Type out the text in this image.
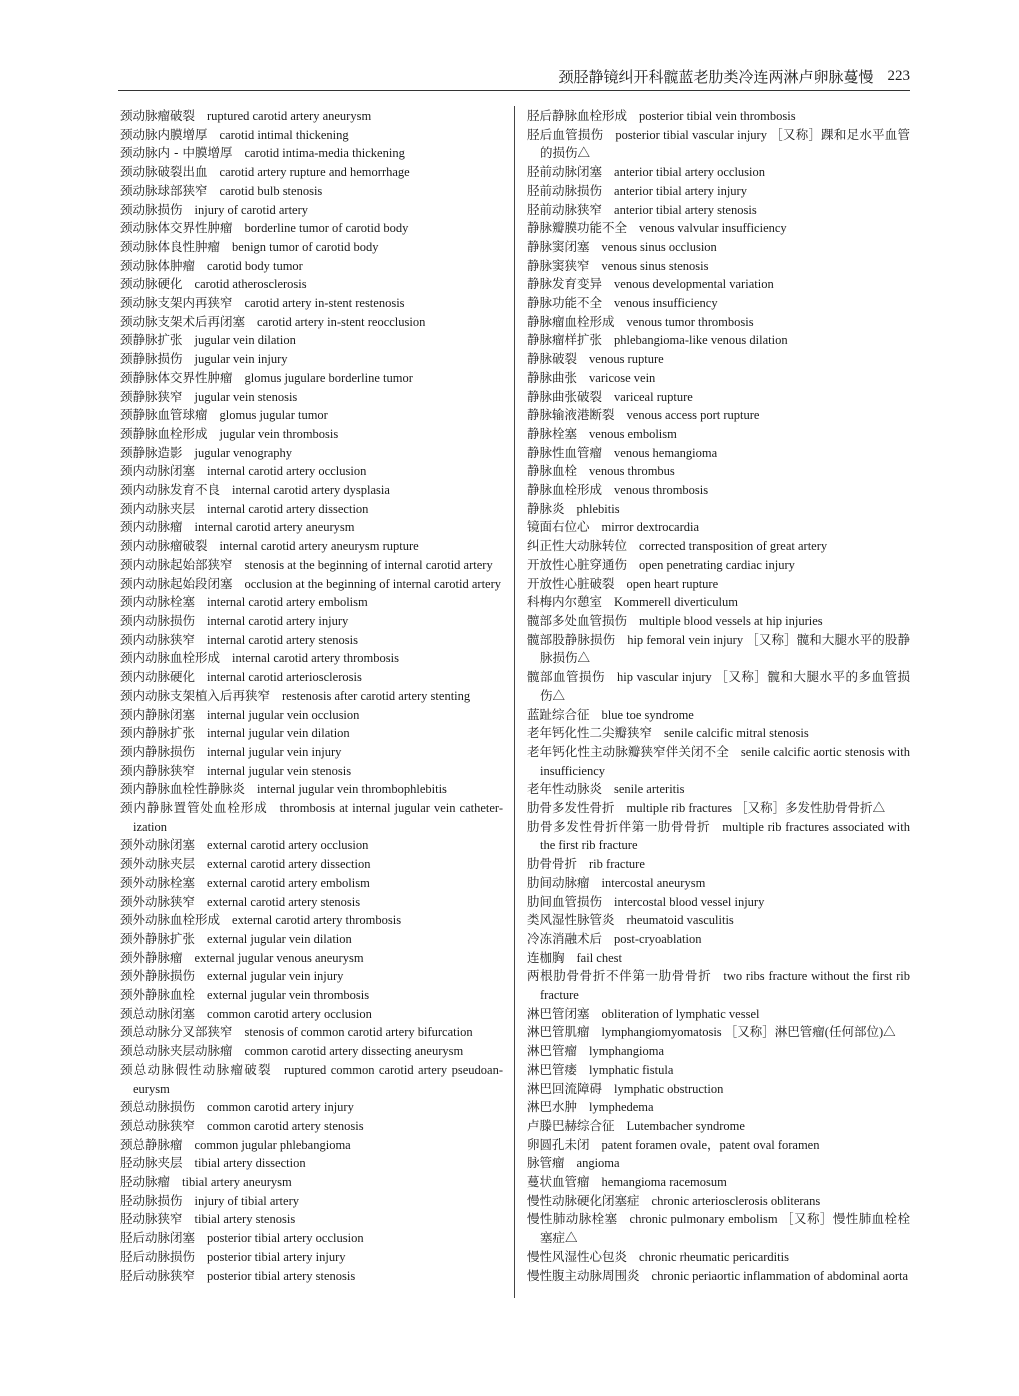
颈胫静镜纠开科髋蓝老肋类冷连两淋卢卵脉蔓慢 223
颈动脉瘤破裂 ruptured carotid artery aneurysm
颈动脉内膜增厚 carotid intimal thickening
颈动脉内 - 中膜增厚 carotid intima-media thickening
颈动脉破裂出血 carotid artery rupture and hemorrhage
颈动脉球部狭窄 carotid bulb stenosis
颈动脉损伤 injury of carotid artery
颈动脉体交界性肿瘤 borderline tumor of carotid body
颈动脉体良性肿瘤 benign tumor of carotid body
颈动脉体肿瘤 carotid body tumor
颈动脉硬化 carotid atherosclerosis
颈动脉支架内再狭窄 carotid artery in-stent restenosis
颈动脉支架术后再闭塞 carotid artery in-stent reocclusion
颈静脉扩张 jugular vein dilation
颈静脉损伤 jugular vein injury
颈静脉体交界性肿瘤 glomus jugulare borderline tumor
颈静脉狭窄 jugular vein stenosis
颈静脉血管球瘤 glomus jugular tumor
颈静脉血栓形成 jugular vein thrombosis
颈静脉造影 jugular venography
颈内动脉闭塞 internal carotid artery occlusion
颈内动脉发育不良 internal carotid artery dysplasia
颈内动脉夹层 internal carotid artery dissection
颈内动脉瘤 internal carotid artery aneurysm
颈内动脉瘤破裂 internal carotid artery aneurysm rupture
颈内动脉起始部狭窄 stenosis at the beginning of internal carotid artery
颈内动脉起始段闭塞 occlusion at the beginning of internal carotid artery
颈内动脉栓塞 internal carotid artery embolism
颈内动脉损伤 internal carotid artery injury
颈内动脉狭窄 internal carotid artery stenosis
颈内动脉血栓形成 internal carotid artery thrombosis
颈内动脉硬化 internal carotid arteriosclerosis
颈内动脉支架植入后再狭窄 restenosis after carotid artery stenting
颈内静脉闭塞 internal jugular vein occlusion
颈内静脉扩张 internal jugular vein dilation
颈内静脉损伤 internal jugular vein injury
颈内静脉狭窄 internal jugular vein stenosis
颈内静脉血栓性静脉炎 internal jugular vein thrombophlebitis
颈内静脉置管处血栓形成 thrombosis at internal jugular vein catheter-ization
颈外动脉闭塞 external carotid artery occlusion
颈外动脉夹层 external carotid artery dissection
颈外动脉栓塞 external carotid artery embolism
颈外动脉狭窄 external carotid artery stenosis
颈外动脉血栓形成 external carotid artery thrombosis
颈外静脉扩张 external jugular vein dilation
颈外静脉瘤 external jugular venous aneurysm
颈外静脉损伤 external jugular vein injury
颈外静脉血栓 external jugular vein thrombosis
颈总动脉闭塞 common carotid artery occlusion
颈总动脉分叉部狭窄 stenosis of common carotid artery bifurcation
颈总动脉夹层动脉瘤 common carotid artery dissecting aneurysm
颈总动脉假性动脉瘤破裂 ruptured common carotid artery pseudoan-eurysm
颈总动脉损伤 common carotid artery injury
颈总动脉狭窄 common carotid artery stenosis
颈总静脉瘤 common jugular phlebangioma
胫动脉夹层 tibial artery dissection
胫动脉瘤 tibial artery aneurysm
胫动脉损伤 injury of tibial artery
胫动脉狭窄 tibial artery stenosis
胫后动脉闭塞 posterior tibial artery occlusion
胫后动脉损伤 posterior tibial artery injury
胫后动脉狭窄 posterior tibial artery stenosis
胫后静脉血栓形成 posterior tibial vein thrombosis
胫后血管损伤 posterior tibial vascular injury ［又称］踝和足水平血管的损伤△
胫前动脉闭塞 anterior tibial artery occlusion
胫前动脉损伤 anterior tibial artery injury
胫前动脉狭窄 anterior tibial artery stenosis
静脉瓣膜功能不全 venous valvular insufficiency
静脉窦闭塞 venous sinus occlusion
静脉窦狭窄 venous sinus stenosis
静脉发育变异 venous developmental variation
静脉功能不全 venous insufficiency
静脉瘤血栓形成 venous tumor thrombosis
静脉瘤样扩张 phlebangioma-like venous dilation
静脉破裂 venous rupture
静脉曲张 varicose vein
静脉曲张破裂 variceal rupture
静脉输液港断裂 venous access port rupture
静脉栓塞 venous embolism
静脉性血管瘤 venous hemangioma
静脉血栓 venous thrombus
静脉血栓形成 venous thrombosis
静脉炎 phlebitis
镜面右位心 mirror dextrocardia
纠正性大动脉转位 corrected transposition of great artery
开放性心脏穿通伤 open penetrating cardiac injury
开放性心脏破裂 open heart rupture
科梅内尔憩室 Kommerell diverticulum
髋部多处血管损伤 multiple blood vessels at hip injuries
髋部股静脉损伤 hip femoral vein injury ［又称］髋和大腿水平的股静脉损伤△
髋部血管损伤 hip vascular injury ［又称］髋和大腿水平的多血管损伤△
蓝趾综合征 blue toe syndrome
老年钙化性二尖瓣狭窄 senile calcific mitral stenosis
老年钙化性主动脉瓣狭窄伴关闭不全 senile calcific aortic stenosis with insufficiency
老年性动脉炎 senile arteritis
肋骨多发性骨折 multiple rib fractures ［又称］多发性肋骨骨折△
肋骨多发性骨折伴第一肋骨骨折 multiple rib fractures associated with the first rib fracture
肋骨骨折 rib fracture
肋间动脉瘤 intercostal aneurysm
肋间血管损伤 intercostal blood vessel injury
类风湿性脉管炎 rheumatoid vasculitis
冷冻消融术后 post-cryoablation
连枷胸 fail chest
两根肋骨骨折不伴第一肋骨骨折 two ribs fracture without the first rib fracture
淋巴管闭塞 obliteration of lymphatic vessel
淋巴管肌瘤 lymphangiomyomatosis ［又称］淋巴管瘤(任何部位)△
淋巴管瘤 lymphangioma
淋巴管瘘 lymphatic fistula
淋巴回流障碍 lymphatic obstruction
淋巴水肿 lymphedema
卢滕巴赫综合征 Lutembacher syndrome
卵圆孔未闭 patent foramen ovale，patent oval foramen
脉管瘤 angioma
蔓状血管瘤 hemangioma racemosum
慢性动脉硬化闭塞症 chronic arteriosclerosis obliterans
慢性肺动脉栓塞 chronic pulmonary embolism ［又称］慢性肺血栓栓塞症△
慢性风湿性心包炎 chronic rheumatic pericarditis
慢性腹主动脉周围炎 chronic periaortic inflammation of abdominal aorta
